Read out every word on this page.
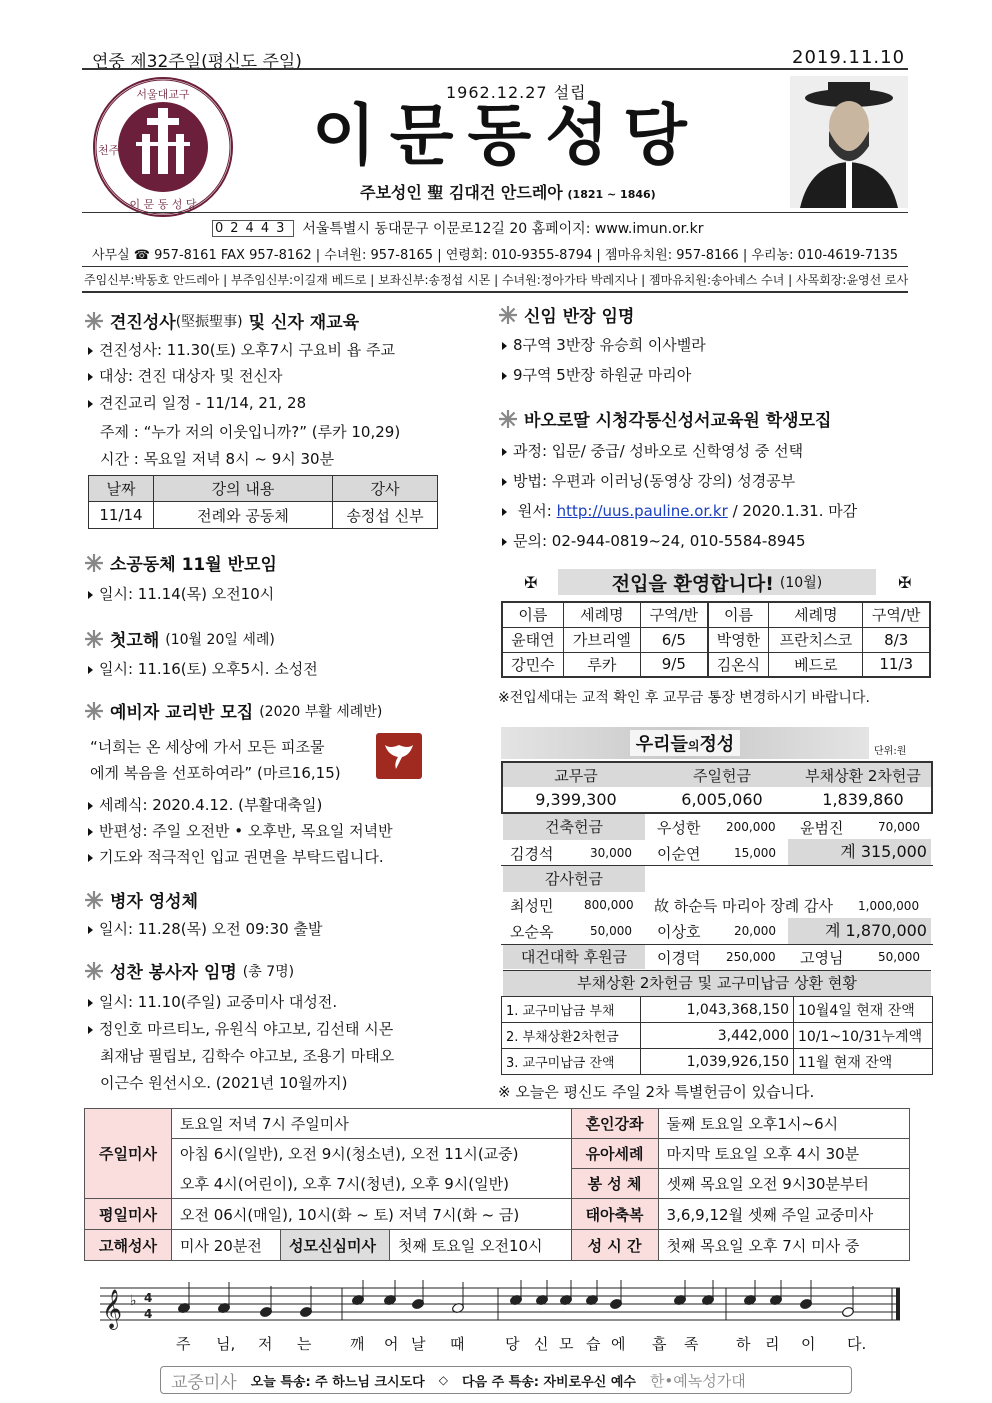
연중 제32주일(평신도 주일)	2019.11.10
서울대교구
천주교
이 문 동 성 당
1962.12.27 설립
이문동성당
주보성인 聖 김대건 안드레아 (1821 ~ 1846)
02443 서울특별시 동대문구 이문로12길 20 홈페이지: www.imun.or.kr
사무실 ☎ 957-8161 FAX 957-8162 | 수녀원: 957-8165 | 연령회: 010-9355-8794 | 젬마유치원: 957-8166 | 우리농: 010-4619-7135
주임신부:박동호 안드레아 | 부주임신부:이길재 베드로 | 보좌신부:송정섭 시몬 | 수녀원:정아가타 박레지나 | 젬마유치원:송아녜스 수녀 | 사목회장:윤영선 로사
견진성사 (堅振聖事) 및 신자 재교육
견진성사: 11.30(토) 오후7시 구요비 욥 주교
대상: 견진 대상자 및 전신자
견진교리 일정 - 11/14, 21, 28
주제 : “누가 저의 이웃입니까?” (루카 10,29)
시간 : 목요일 저녁 8시 ~ 9시 30분
날짜	강의 내용	강사
11/14	전례와 공동체	송정섭 신부
소공동체 11월 반모임
일시: 11.14(목) 오전10시
첫고해 (10월 20일 세례)
일시: 11.16(토) 오후5시. 소성전
예비자 교리반 모집 (2020 부활 세례반)
“너희는 온 세상에 가서 모든 피조물
에게 복음을 선포하여라” (마르16,15)
세례식: 2020.4.12. (부활대축일)
반편성: 주일 오전반 • 오후반, 목요일 저녁반
기도와 적극적인 입교 권면을 부탁드립니다.
병자 영성체
일시: 11.28(목) 오전 09:30 출발
성찬 봉사자 임명 (총 7명)
일시: 11.10(주일) 교중미사 대성전.
정인호 마르티노, 유원식 야고보, 김선태 시몬
최재남 필립보, 김학수 야고보, 조용기 마태오
이근수 원선시오. (2021년 10월까지)
신임 반장 임명
8구역 3반장 유승희 이사벨라
9구역 5반장 하원균 마리아
바오로딸 시청각통신성서교육원 학생모집
과정: 입문/ 중급/ 성바오로 신학영성 중 선택
방법: 우편과 이러닝(동영상 강의) 성경공부
원서: http://uus.pauline.or.kr / 2020.1.31. 마감
문의: 02-944-0819~24, 010-5584-8945
✠	전입을 환영합니다! (10월)	✠
이름	세례명	구역/반	이름	세례명	구역/반
윤태연	가브리엘	6/5	박영한	프란치스코	8/3
강민수	루카	9/5	김온식	베드로	11/3
※전입세대는 교적 확인 후 교무금 통장 변경하시기 바랍니다.
우리들의정성	단위:원
교무금	주일헌금	부채상환 2차헌금
9,399,300	6,005,060	1,839,860
건축헌금	우성한 200,000 윤범진	70,000
김경석	30,000 이순연	15,000	계 315,000
감사헌금
최성민	800,000 故 하순득 마리아 장례 감사 1,000,000
오순옥	50,000 이상호	20,000	계 1,870,000
대건대학 후원금	이경덕 250,000 고영님	50,000
부채상환 2차헌금 및 교구미납금 상환 현황
1. 교구미납금 부채	1,043,368,150	10월4일 현재 잔액
2. 부채상환2차헌금	3,442,000	10/1~10/31누계액
3. 교구미납금 잔액	1,039,926,150	11월 현재 잔액
※ 오늘은 평신도 주일 2차 특별헌금이 있습니다.
주일미사	토요일 저녁 7시 주일미사			혼인강좌	둘째 토요일 오후1시~6시
	아침 6시(일반), 오전 9시(청소년), 오전 11시(교중)			유아세례	마지막 토요일 오후 4시 30분
	오후 4시(어린이), 오후 7시(청년), 오후 9시(일반)			봉 성 체	셋째 목요일 오전 9시30분부터
평일미사	오전 06시(매일), 10시(화 ~ 토) 저녁 7시(화 ~ 금)			태아축복	3,6,9,12월 셋째 주일 교중미사
고해성사	미사 20분전	성모신심미사	첫째 토요일 오전10시	성 시 간	첫째 목요일 오후 7시 미사 중
𝄞 ♭ 4
4
주 님, 저 는	깨 어 날 때	당 신 모 습 에 흡 족	하 리 이 다.
교중미사 오늘 특송: 주 하느님 크시도다 ◇ 다음 주 특송: 자비로우신 예수 한•예녹성가대
